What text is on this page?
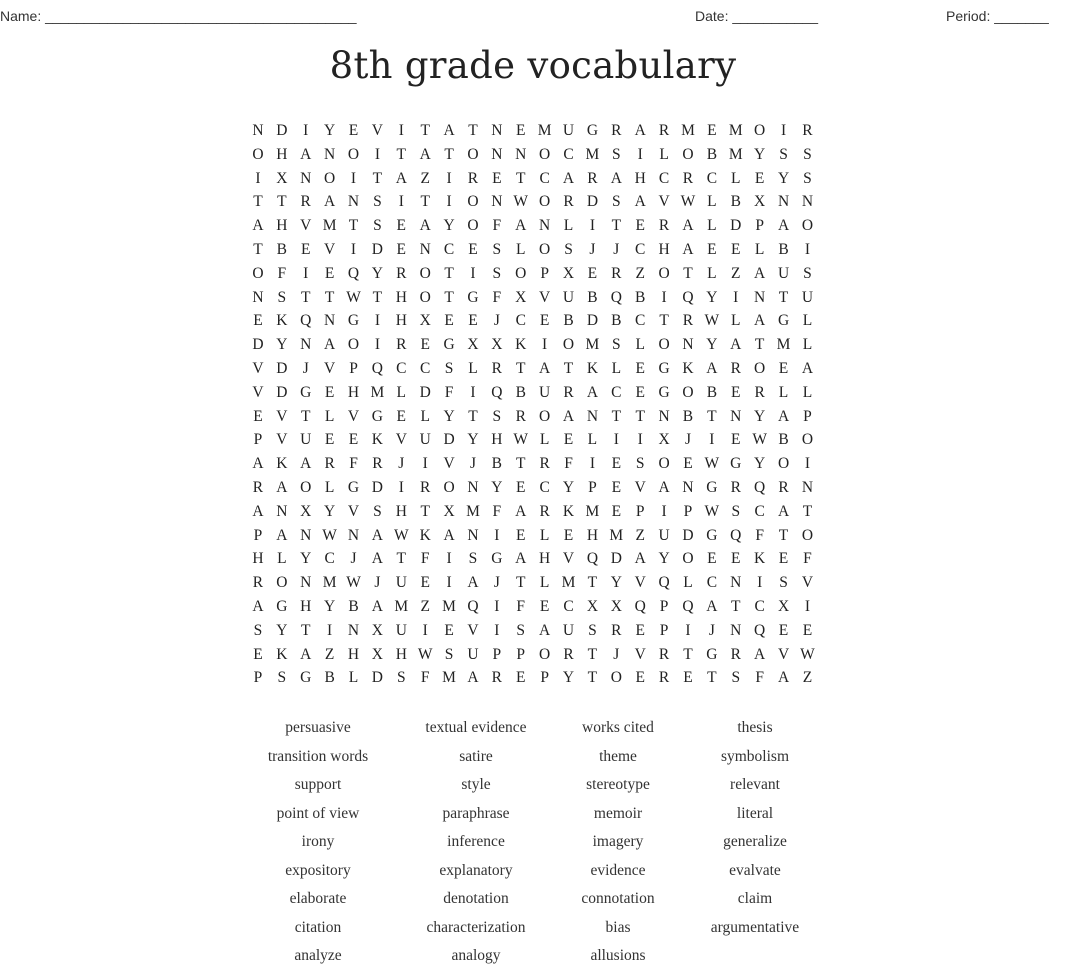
Name: ________________________________________	Date: ___________	Period: _______
8th grade vocabulary
N D	I	Y E V	I	T A T N E M U G R A R M E M O	I	R
O H A N O	I	T A T O N N O C M S	I	L O B M Y S S
I	X N O	I	T A Z	I	R E T C A R A H C R C L E Y S
T T R A N S	I	T	I	O N W O R D S A V W L B X N N
A H V M T S E A Y O F A N L	I	T E R A L D P A O
T B E V	I	D E N C E S L O S	J	J	C H A E E L B	I
O F	I	E Q Y R O T	I	S O P X E R Z O T L Z A U S
N S T T W T H O T G F X V U B Q B	I	Q Y	I	N T U
E K Q N G	I	H X E E	J	C E B D B C T R W L A G L
D Y N A O	I	R E G X X K	I	O M S L O N Y A T M L
V D J V P Q C C S L R T A T K L E G K A R O E A
V D G E H M L D F	I	Q B U R A C E G O B E R L L
E V T L V G E L Y T S R O A N T T N B T N Y A P
P V U E E K V U D Y H W L E L	I	I	X J	I	E W B O
A K A R F R	J	I	V J	B T R F	I	E S O E W G Y O	I
R A O L G D	I	R O N Y E C Y P E V A N G R Q R N
A N X Y V S H T X M F A R K M E P	I	P W S C A T
P A N W N A W K A N	I	E L E H M Z U D G Q F T O
H L Y C	J A T F	I	S G A H V Q D A Y O E E K E F
R O N M W J U E	I	A J	T L M T Y V Q L C N	I	S V
A G H Y B A M Z M Q	I	F E C X X Q P Q A T C X	I
S Y T	I	N X U	I	E V	I	S A U S R E P	I	J N Q E E
E K A Z H X H W S U P P O R T	J V R T G R A V W
P S G B L D S F M A R E P Y T O E R E T S F A Z
persuasive	textual evidence	works cited	thesis
transition words	satire	theme	symbolism
support	style	stereotype	relevant
point of view	paraphrase	memoir	literal
irony	inference	imagery	generalize
expository	explanatory	evidence	evalvate
elaborate	denotation	connotation	claim
citation	characterization	bias	argumentative
analyze	analogy	allusions
